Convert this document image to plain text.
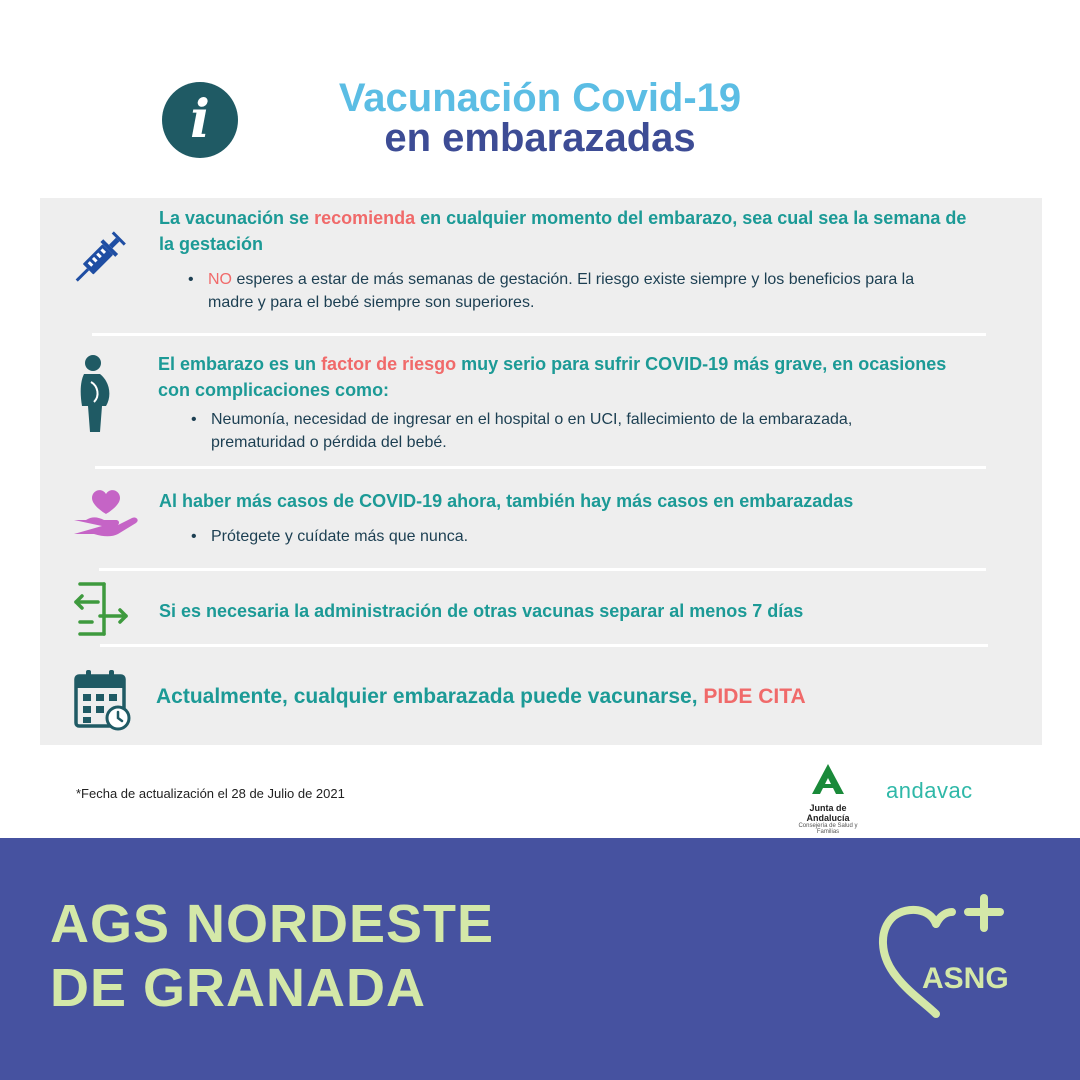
i	Vacunación Covid-19
en embarazadas
La vacunación se recomienda en cualquier momento del embarazo, sea cual sea la semana de la gestación
• NO esperes a estar de más semanas de gestación. El riesgo existe siempre y los beneficios para la madre y para el bebé siempre son superiores.
El embarazo es un factor de riesgo muy serio para sufrir COVID-19 más grave, en ocasiones con complicaciones como:
• Neumonía, necesidad de ingresar en el hospital o en UCI, fallecimiento de la embarazada, prematuridad o pérdida del bebé.
Al haber más casos de COVID-19 ahora, también hay más casos en embarazadas
• Prótegete y cuídate más que nunca.
Si es necesaria la administración de otras vacunas separar al menos 7 días
Actualmente, cualquier embarazada puede vacunarse, PIDE CITA
*Fecha de actualización el 28 de Julio de 2021
Junta de Andalucía
Consejería de Salud y Familias
andavac
AGS NORDESTE
DE GRANADA	ASNG
